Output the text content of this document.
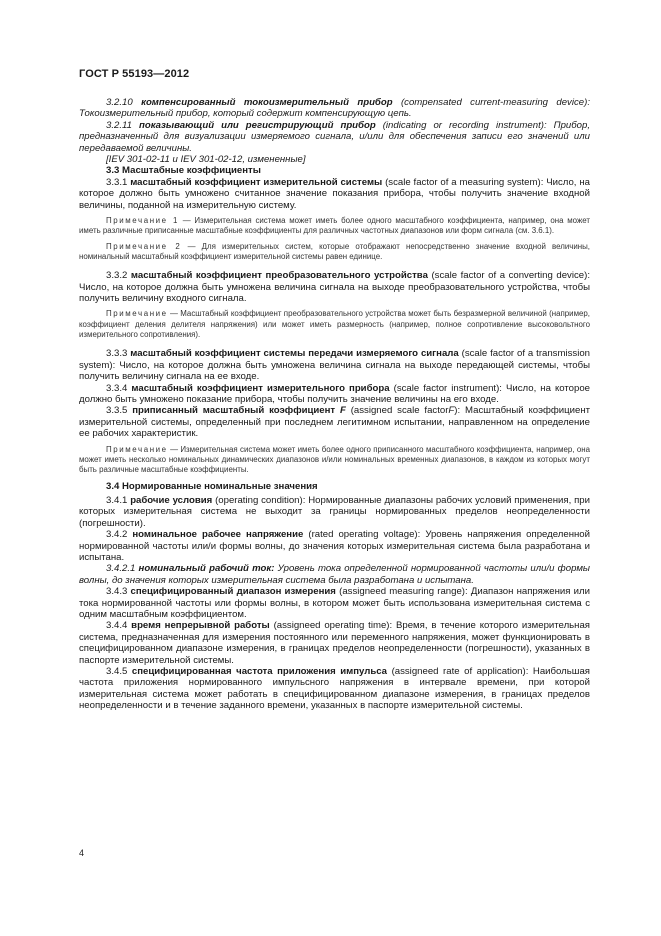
ГОСТ Р 55193—2012

3.2.10 компенсированный токоизмерительный прибор (compensated current-measuring device): Токоизмерительный прибор, который содержит компенсирующую цепь.

3.2.11 показывающий или регистрирующий прибор (indicating or recording instrument): Прибор, предназначенный для визуализации измеряемого сигнала, и/или для обеспечения записи его значений или передаваемой величины.

[IEV 301-02-11 и IEV 301-02-12, измененные]

3.3 Масштабные коэффициенты

3.3.1 масштабный коэффициент измерительной системы (scale factor of a measuring system): Число, на которое должно быть умножено считанное значение показания прибора, чтобы получить значение входной величины, поданной на измерительную систему.

Примечание 1 — Измерительная система может иметь более одного масштабного коэффициента, например, она может иметь различные приписанные масштабные коэффициенты для различных частотных диапазонов или форм сигнала (см. 3.6.1).

Примечание 2 — Для измерительных систем, которые отображают непосредственно значение входной величины, номинальный масштабный коэффициент измерительной системы равен единице.

3.3.2 масштабный коэффициент преобразовательного устройства (scale factor of a converting device): Число, на которое должна быть умножена величина сигнала на выходе преобразовательного устройства, чтобы получить величину входного сигнала.

Примечание — Масштабный коэффициент преобразовательного устройства может быть безразмерной величиной (например, коэффициент деления делителя напряжения) или может иметь размерность (например, полное сопротивление высоковольтного измерительного сопротивления).

3.3.3 масштабный коэффициент системы передачи измеряемого сигнала (scale factor of a transmission system): Число, на которое должна быть умножена величина сигнала на выходе передающей системы, чтобы получить величину сигнала на ее входе.

3.3.4 масштабный коэффициент измерительного прибора (scale factor instrument): Число, на которое должно быть умножено показание прибора, чтобы получить значение величины на его входе.

3.3.5 приписанный масштабный коэффициент F (assigned scale factorF): Масштабный коэффициент измерительной системы, определенный при последнем легитимном испытании, направленном на определение ее рабочих характеристик.

Примечание — Измерительная система может иметь более одного приписанного масштабного коэффициента, например, она может иметь несколько номинальных динамических диапазонов и/или номинальных временных диапазонов, в каждом из которых могут быть различные масштабные коэффициенты.

3.4 Нормированные номинальные значения

3.4.1 рабочие условия (operating condition): Нормированные диапазоны рабочих условий применения, при которых измерительная система не выходит за границы нормированных пределов неопределенности (погрешности).

3.4.2 номинальное рабочее напряжение (rated operating voltage): Уровень напряжения определенной нормированной частоты или/и формы волны, до значения которых измерительная система была разработана и испытана.

3.4.2.1 номинальный рабочий ток: Уровень тока определенной нормированной частоты или/и формы волны, до значения которых измерительная система была разработана и испытана.

3.4.3 специфицированный диапазон измерения (assigneed measuring range): Диапазон напряжения или тока нормированной частоты или формы волны, в котором может быть использована измерительная система с одним масштабным коэффициентом.

3.4.4 время непрерывной работы (assigneed operating time): Время, в течение которого измерительная система, предназначенная для измерения постоянного или переменного напряжения, может функционировать в специфицированном диапазоне измерения, в границах пределов неопределенности (погрешности), указанных в паспорте измерительной системы.

3.4.5 специфицированная частота приложения импульса (assigneed rate of application): Наибольшая частота приложения нормированного импульсного напряжения в интервале времени, при которой измерительная система может работать в специфицированном диапазоне измерения, в границах пределов неопределенности и в течение заданного времени, указанных в паспорте измерительной системы.

4
